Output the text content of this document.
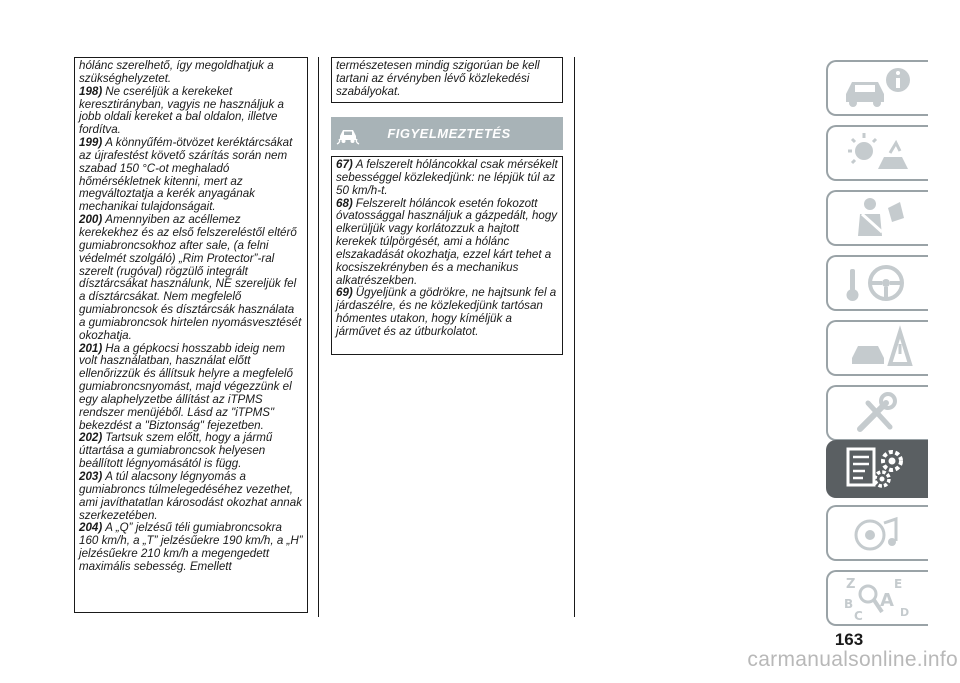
hólánc szerelhető, így megoldhatjuk a szükséghelyzetet.

198) Ne cseréljük a kerekeket keresztirányban, vagyis ne használjuk a jobb oldali kereket a bal oldalon, illetve fordítva.

199) A könnyűfém-ötvözet keréktárcsákat az újrafestést követő szárítás során nem szabad 150 °C-ot meghaladó hőmérsékletnek kitenni, mert az megváltoztatja a kerék anyagának mechanikai tulajdonságait.

200) Amennyiben az acéllemez kerekekhez és az első felszereléstől eltérő gumiabroncsokhoz after sale, (a felni védelmét szolgáló) „Rim Protector”-ral szerelt (rugóval) rögzülő integrált dísztárcsákat használunk, NE szereljük fel a dísztárcsákat. Nem megfelelő gumiabroncsok és dísztárcsák használata a gumiabroncsok hirtelen nyomásvesztését okozhatja.

201) Ha a gépkocsi hosszabb ideig nem volt használatban, használat előtt ellenőrizzük és állítsuk helyre a megfelelő gumiabroncsnyomást, majd végezzünk el egy alaphelyzetbe állítást az iTPMS rendszer menüjéből. Lásd az "iTPMS" bekezdést a "Biztonság" fejezetben.

202) Tartsuk szem előtt, hogy a jármű úttartása a gumiabroncsok helyesen beállított légnyomásától is függ.

203) A túl alacsony légnyomás a gumiabroncs túlmelegedéséhez vezethet, ami javíthatatlan károsodást okozhat annak szerkezetében.

204) A „Q” jelzésű téli gumiabroncsokra 160 km/h, a „T” jelzésűekre 190 km/h, a „H” jelzésűekre 210 km/h a megengedett maximális sebesség. Emellett

természetesen mindig szigorúan be kell tartani az érvényben lévő közlekedési szabályokat.

FIGYELMEZTETÉS

67) A felszerelt hóláncokkal csak mérsékelt sebességgel közlekedjünk: ne lépjük túl az 50 km/h-t.

68) Felszerelt hóláncok esetén fokozott óvatossággal használjuk a gázpedált, hogy elkerüljük vagy korlátozzuk a hajtott kerekek túlpörgését, ami a hólánc elszakadását okozhatja, ezzel kárt tehet a kocsiszekrényben és a mechanikus alkatrészekben.

69) Ügyeljünk a gödrökre, ne hajtsunk fel a járdaszélre, és ne közlekedjünk tartósan hómentes utakon, hogy kíméljük a járművet és az útburkolatot.

Z	E
B A
C	D
163
carmanualsonline.info
